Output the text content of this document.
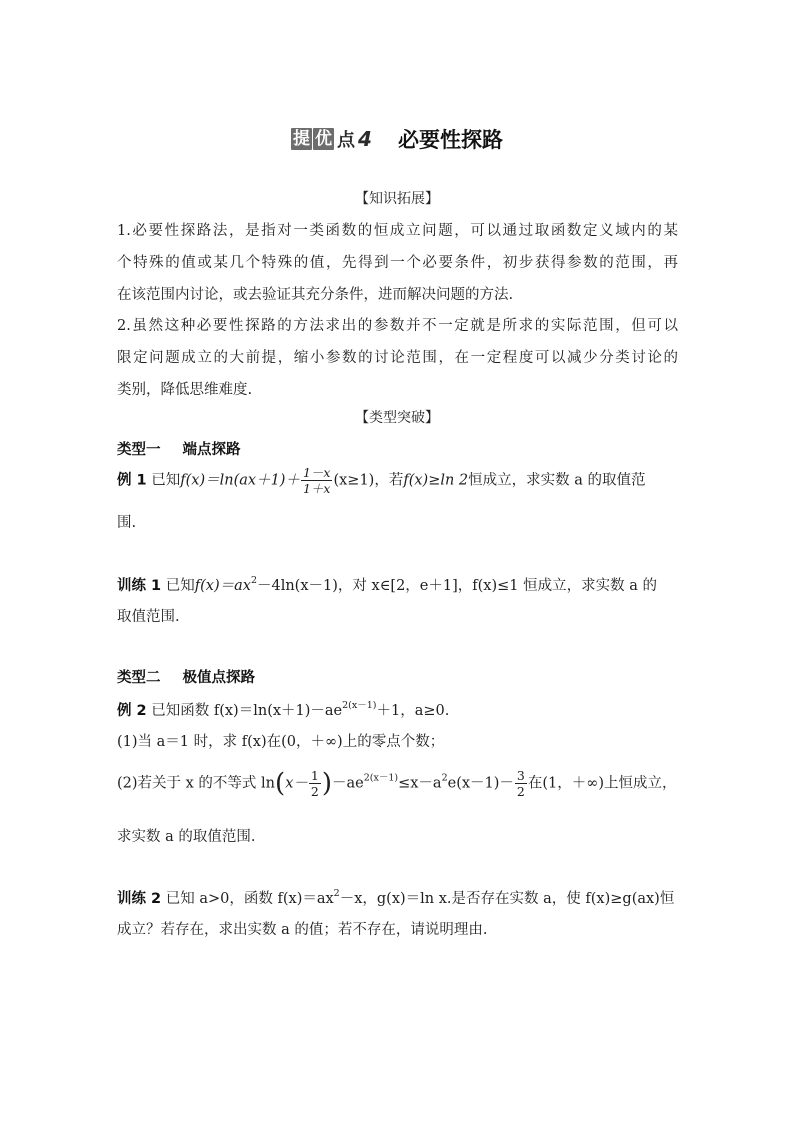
提 优 点 4 必要性探路
【知识拓展】
1.必要性探路法，是指对一类函数的恒成立问题，可以通过取函数定义域内的某
个特殊的值或某几个特殊的值，先得到一个必要条件，初步获得参数的范围，再
在该范围内讨论，或去验证其充分条件，进而解决问题的方法.
2.虽然这种必要性探路的方法求出的参数并不一定就是所求的实际范围，但可以
限定问题成立的大前提，缩小参数的讨论范围，在一定程度可以减少分类讨论的
类别，降低思维难度.
【类型突破】
类型一 端点探路
例 1 已知$f(x)=\ln(ax+1)+ \frac{1-x}{1+x} (x\ge 1)$，若f(x)≥ln 2恒成立，求实数 a 的取值范
围.
训练 1 已知$f(x)=ax^2-4\ln(x-1)$，对 x∈[2，e＋1]，f(x)≤1 恒成立，求实数 a 的
取值范围.
类型二 极值点探路
例 2 已知函数 $f(x)=\ln(x+1)-ae^{2(x-1)}+1$，a≥0.
(1)当 a＝1 时，求 f(x)在(0，＋∞)上的零点个数；
(2)若关于 x 的不等式 $\ln(x- \frac{1}{2} )-ae^{2(x-1)}\le x-a^2e(x-1)- \frac{3}{2}$ 在(1，＋∞)上恒成立，
求实数 a 的取值范围.
训练 2 已知 a>0，函数 $f(x)=ax^2-x$，g(x)＝ln x.是否存在实数 a，使 f(x)≥g(ax)恒
成立？若存在，求出实数 a 的值；若不存在，请说明理由.
